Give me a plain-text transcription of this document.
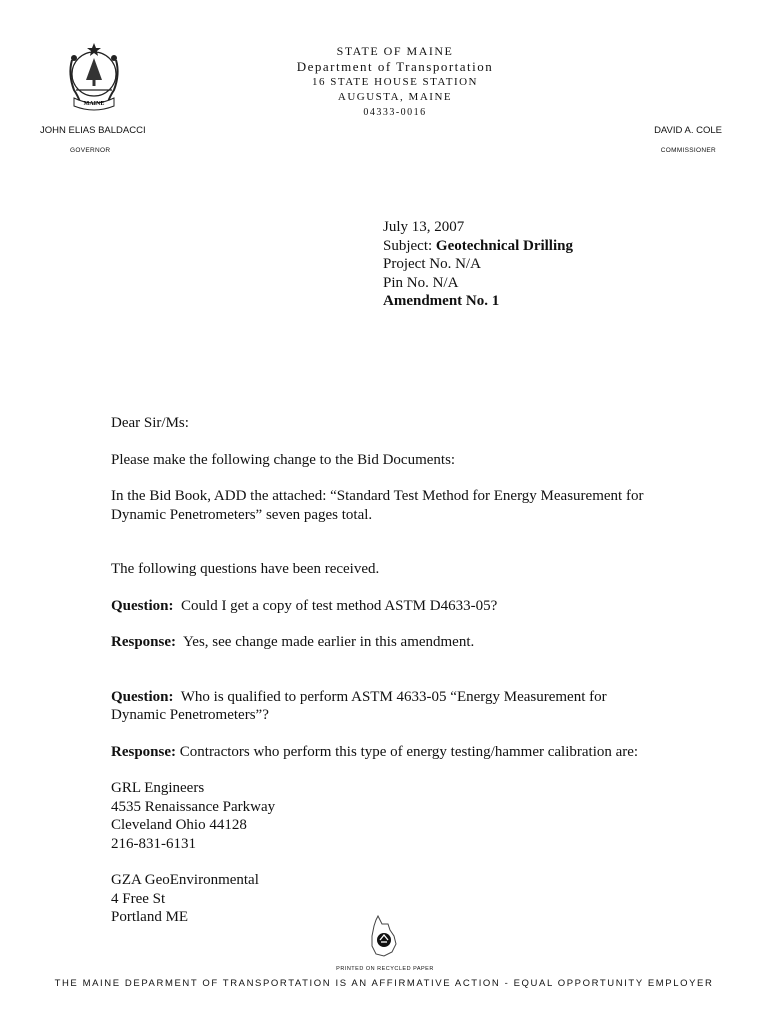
MAINE
STATE OF MAINE
Department of Transportation
16 STATE HOUSE STATION
AUGUSTA, MAINE
04333-0016
JOHN ELIAS BALDACCI
GOVERNOR
DAVID A. COLE
COMMISSIONER
July 13, 2007
Subject: Geotechnical Drilling
Project No. N/A
Pin No. N/A
Amendment No. 1

Dear Sir/Ms:

Please make the following change to the Bid Documents:

In the Bid Book, ADD the attached: “Standard Test Method for Energy Measurement for

Dynamic Penetrometers” seven pages total.

The following questions have been received.

Question:  Could I get a copy of test method ASTM D4633-05?

Response:  Yes, see change made earlier in this amendment.

Question:  Who is qualified to perform ASTM 4633-05 “Energy Measurement for

Dynamic Penetrometers”?

Response: Contractors who perform this type of energy testing/hammer calibration are:

GRL Engineers

4535 Renaissance Parkway

Cleveland Ohio 44128

216-831-6131

GZA GeoEnvironmental

4 Free St

Portland ME

PRINTED ON RECYCLED PAPER
THE MAINE DEPARMENT OF TRANSPORTATION IS AN AFFIRMATIVE ACTION - EQUAL OPPORTUNITY EMPLOYER
